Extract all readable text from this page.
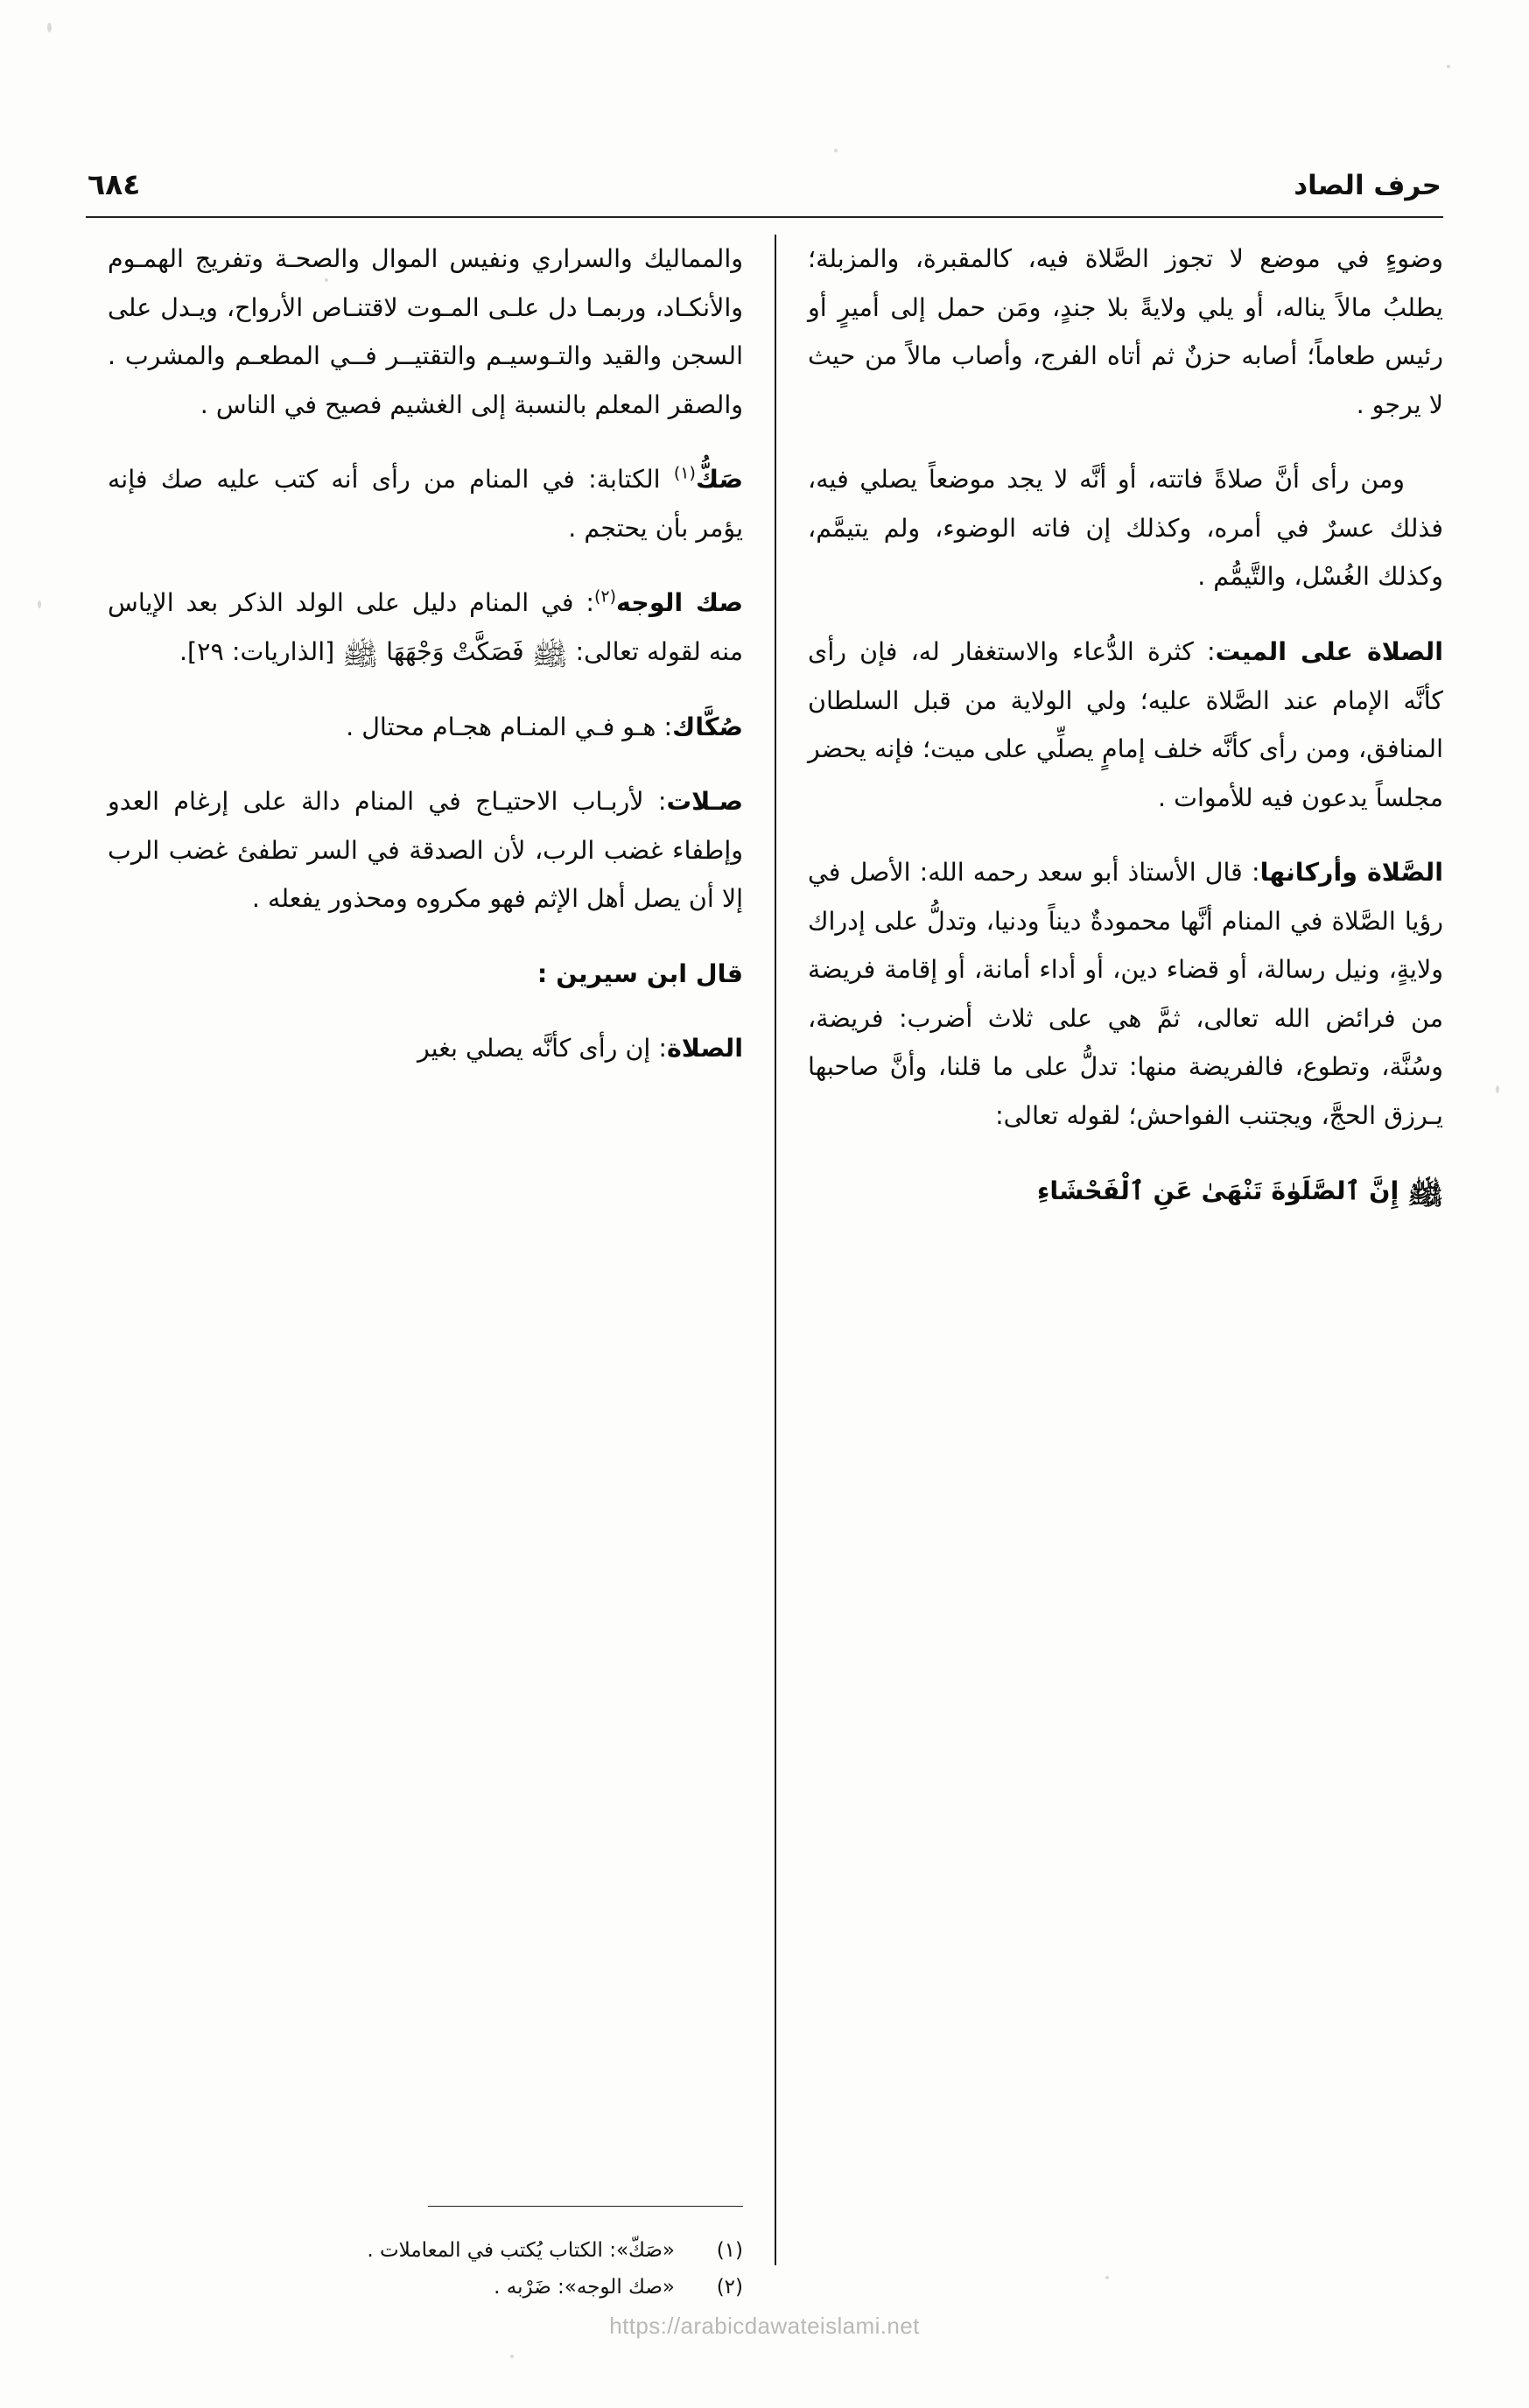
حرف الصاد
٦٨٤

وضوءٍ في موضع لا تجوز الصَّلاة فيه، كالمقبرة، والمزبلة؛ يطلبُ مالاً يناله، أو يلي ولايةً بلا جندٍ، ومَن حمل إلى أميرٍ أو رئيس طعاماً؛ أصابه حزنٌ ثم أتاه الفرج، وأصاب مالاً من حيث لا يرجو .

ومن رأى أنَّ صلاةً فاتته، أو أنَّه لا يجد موضعاً يصلي فيه، فذلك عسرٌ في أمره، وكذلك إن فاته الوضوء، ولم يتيمَّم، وكذلك الغُسْل، والتَّيمُّم .

الصلاة على الميت: كثرة الدُّعاء والاستغفار له، فإن رأى كأنَّه الإمام عند الصَّلاة عليه؛ ولي الولاية من قبل السلطان المنافق، ومن رأى كأنَّه خلف إمامٍ يصلِّي على ميت؛ فإنه يحضر مجلساً يدعون فيه للأموات .

الصَّلاة وأركانها: قال الأستاذ أبو سعد رحمه الله: الأصل في رؤيا الصَّلاة في المنام أنَّها محمودةٌ ديناً ودنيا، وتدلُّ على إدراك ولايةٍ، ونيل رسالة، أو قضاء دين، أو أداء أمانة، أو إقامة فريضة من فرائض الله تعالى، ثمَّ هي على ثلاث أضرب: فريضة، وسُنَّة، وتطوع، فالفريضة منها: تدلُّ على ما قلنا، وأنَّ صاحبها يـرزق الحجَّ، ويجتنب الفواحش؛ لقوله تعالى:

﵌ إِنَّ ٱلصَّلَوٰةَ تَنْهَىٰ عَنِ ٱلْفَحْشَاءِ

والمماليك والسراري ونفيس الموال والصحـة وتفريج الهمـوم والأنكـاد، وربمـا دل علـى المـوت لاقتنـاص الأرواح، ويـدل على السجن والقيد والتـوسيـم والتقتيــر فــي المطعـم والمشرب . والصقر المعلم بالنسبة إلى الغشيم فصيح في الناس .

صَكُّ$^{(١)}$ الكتابة: في المنام من رأى أنه كتب عليه صك فإنه يؤمر بأن يحتجم .

صك الوجه$^{(٢)}$: في المنام دليل على الولد الذكر بعد الإياس منه لقوله تعالى: ﵌ فَصَكَّتْ وَجْهَهَا ﵌ [الذاريات: ٢٩].

صُكَّاك: هـو فـي المنـام هجـام محتال .

صـلات: لأربـاب الاحتيـاج في المنام دالة على إرغام العدو وإطفاء غضب الرب، لأن الصدقة في السر تطفئ غضب الرب إلا أن يصل أهل الإثم فهو مكروه ومحذور يفعله .

قال ابن سيرين :

الصلاة: إن رأى كأنَّه يصلي بغير

(١)
«صَكّ»: الكتاب يُكتب في المعاملات .
(٢)
«صك الوجه»: ضَرْبه .
https://arabicdawateislami.net
